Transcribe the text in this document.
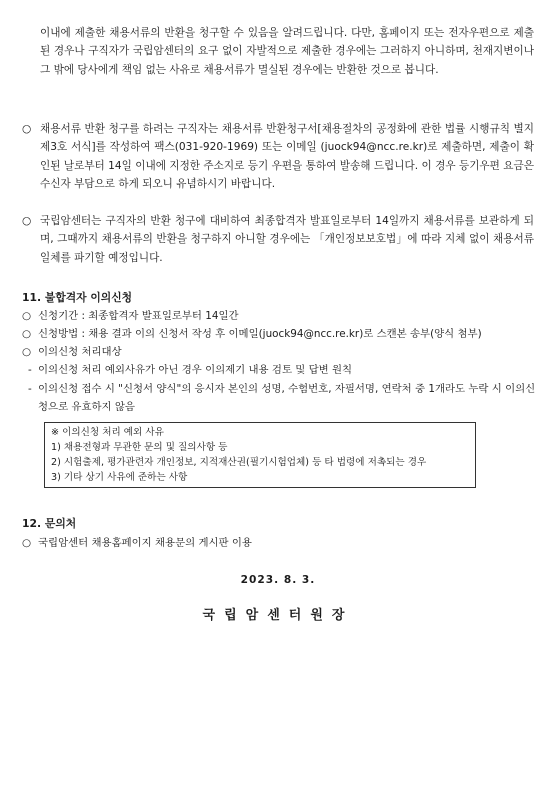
이내에 제출한 채용서류의 반환을 청구할 수 있음을 알려드립니다. 다만, 홈페이지 또는 전자우편으로 제출된 경우나 구직자가 국립암센터의 요구 없이 자발적으로 제출한 경우에는 그러하지 아니하며, 천재지변이나 그 밖에 당사에게 책임 없는 사유로 채용서류가 멸실된 경우에는 반환한 것으로 봅니다.
○ 채용서류 반환 청구를 하려는 구직자는 채용서류 반환청구서[채용절차의 공정화에 관한 법률 시행규칙 별지 제3호 서식]를 작성하여 팩스(031-920-1969) 또는 이메일 (juock94@ncc.re.kr)로 제출하면, 제출이 확인된 날로부터 14일 이내에 지정한 주소지로 등기 우편을 통하여 발송해 드립니다. 이 경우 등기우편 요금은 수신자 부담으로 하게 되오니 유념하시기 바랍니다.
○ 국립암센터는 구직자의 반환 청구에 대비하여 최종합격자 발표일로부터 14일까지 채용서류를 보관하게 되며, 그때까지 채용서류의 반환을 청구하지 아니할 경우에는 「개인정보보호법」에 따라 지체 없이 채용서류 일체를 파기할 예정입니다.
11. 불합격자 이의신청
○ 신청기간 : 최종합격자 발표일로부터 14일간
○ 신청방법 : 채용 결과 이의 신청서 작성 후 이메일(juock94@ncc.re.kr)로 스캔본 송부(양식 첨부)
○ 이의신청 처리대상
- 이의신청 처리 예외사유가 아닌 경우 이의제기 내용 검토 및 답변 원칙
- 이의신청 접수 시 "신청서 양식"의 응시자 본인의 성명, 수험번호, 자필서명, 연락처 중 1개라도 누락 시 이의신청으로 유효하지 않음
※ 이의신청 처리 예외 사유
1) 채용전형과 무관한 문의 및 질의사항 등
2) 시험출제, 평가관련자 개인정보, 지적재산권(필기시험업체) 등 타 법령에 저촉되는 경우
3) 기타 상기 사유에 준하는 사항
12. 문의처
○ 국립암센터 채용홈페이지 채용문의 게시판 이용
2023. 8. 3.
국립암센터원장
